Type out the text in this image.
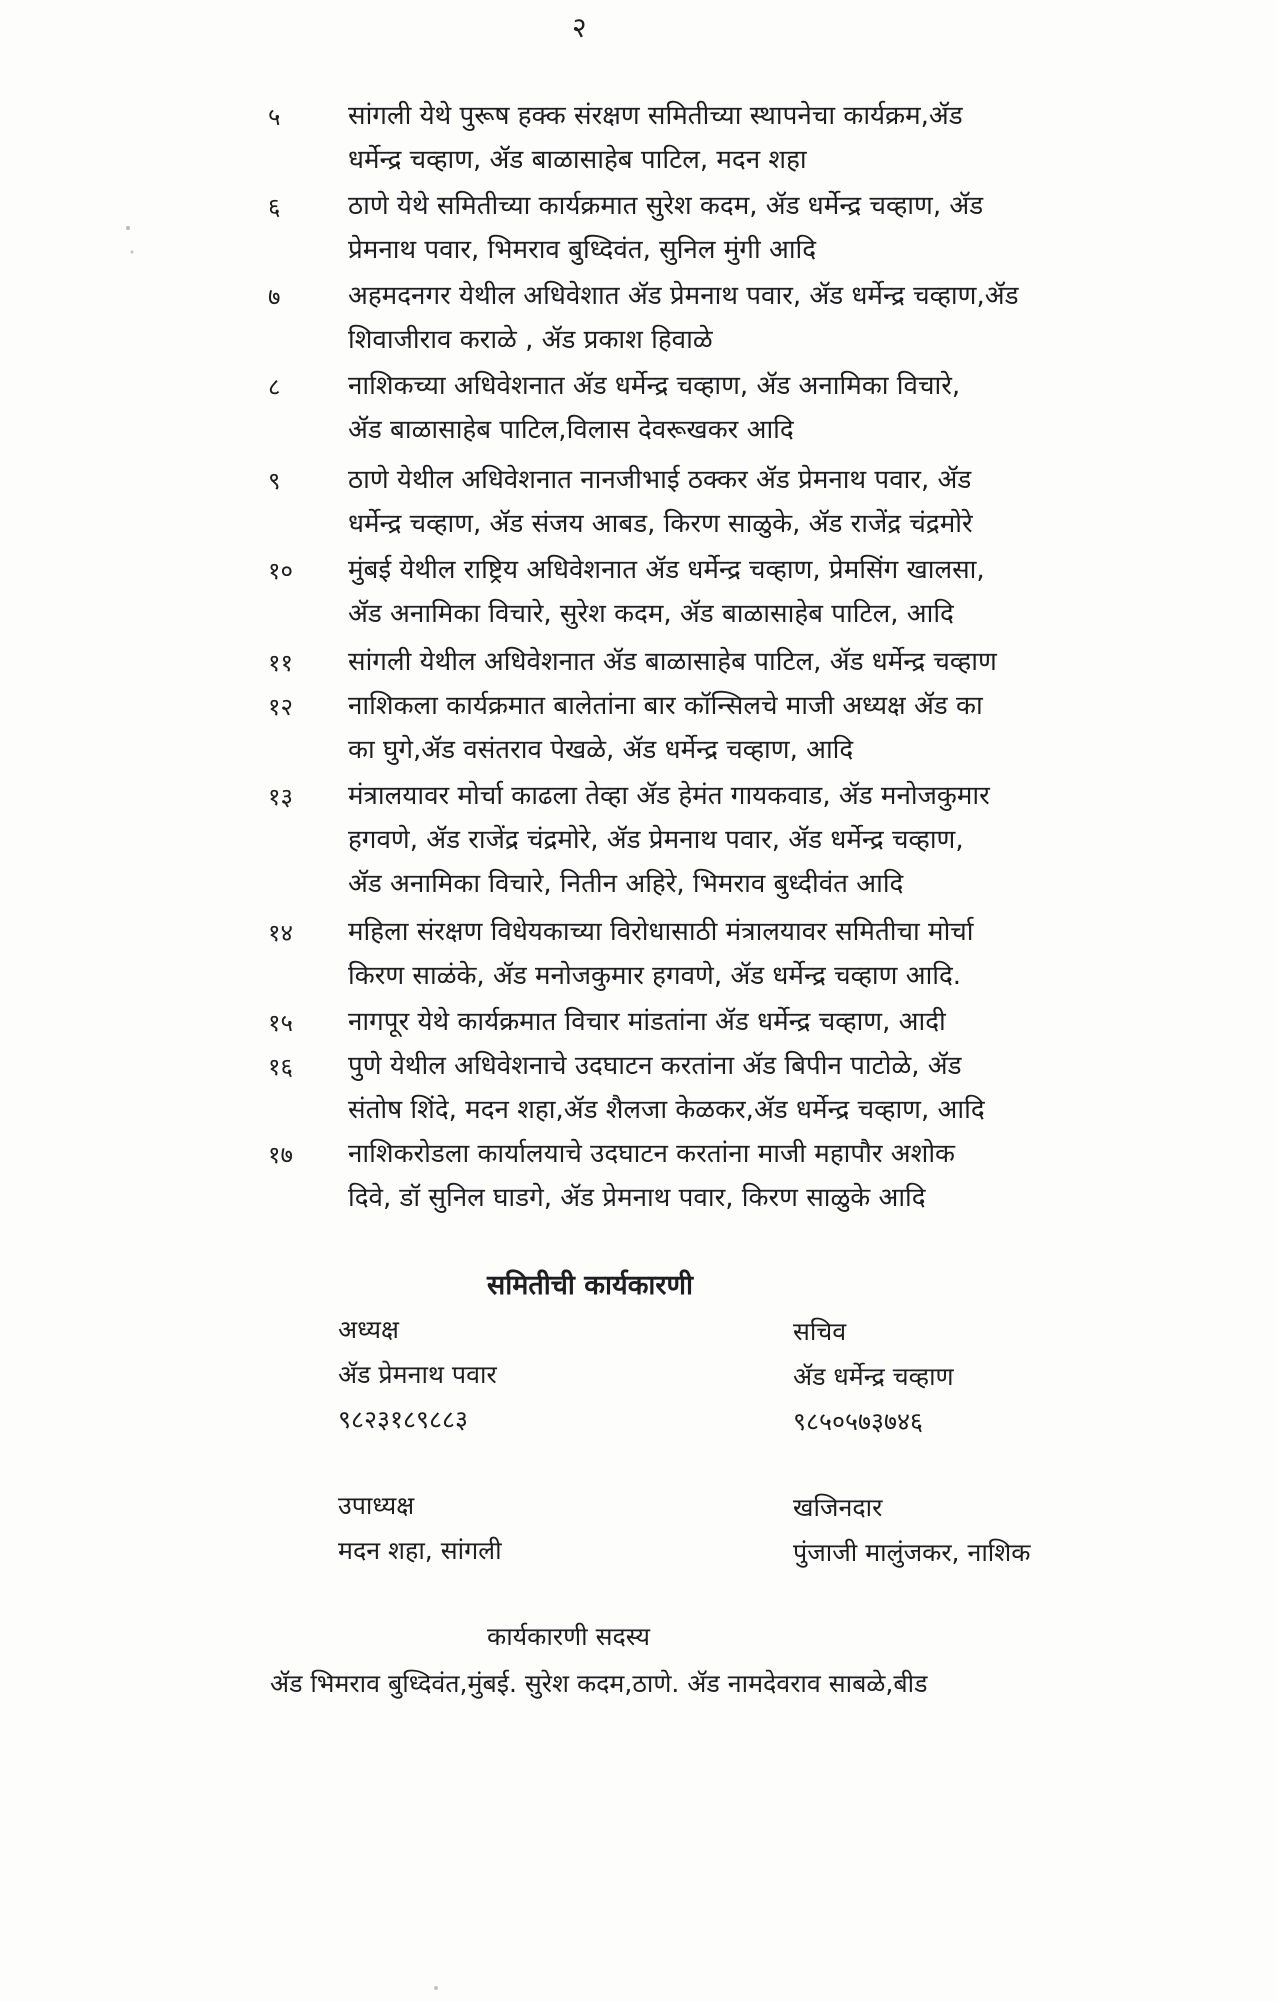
२
५	सांगली येथे पुरूष हक्क संरक्षण समितीच्या स्थापनेचा कार्यक्रम,ॲड
धर्मेन्द्र चव्हाण, ॲड बाळासाहेब पाटिल, मदन शहा
६	ठाणे येथे समितीच्या कार्यक्रमात सुरेश कदम, ॲड धर्मेन्द्र चव्हाण, ॲड
प्रेमनाथ पवार, भिमराव बुध्दिवंत, सुनिल मुंगी आदि
७	अहमदनगर येथील अधिवेशात ॲड प्रेमनाथ पवार, ॲड धर्मेन्द्र चव्हाण,ॲड
शिवाजीराव कराळे , ॲड प्रकाश हिवाळे
८	नाशिकच्या अधिवेशनात ॲड धर्मेन्द्र चव्हाण, ॲड अनामिका विचारे,
ॲड बाळासाहेब पाटिल,विलास देवरूखकर आदि
९	ठाणे येथील अधिवेशनात नानजीभाई ठक्कर ॲड प्रेमनाथ पवार, ॲड
धर्मेन्द्र चव्हाण, ॲड संजय आबड, किरण साळुके, ॲड राजेंद्र चंद्रमोरे
१० मुंबई येथील राष्ट्रिय अधिवेशनात ॲड धर्मेन्द्र चव्हाण, प्रेमसिंग खालसा,
ॲड अनामिका विचारे, सुरेश कदम, ॲड बाळासाहेब पाटिल, आदि
११ सांगली येथील अधिवेशनात ॲड बाळासाहेब पाटिल, ॲड धर्मेन्द्र चव्हाण
१२ नाशिकला कार्यक्रमात बालेतांना बार कॉन्सिलचे माजी अध्यक्ष ॲड का
का घुगे,ॲड वसंतराव पेखळे, ॲड धर्मेन्द्र चव्हाण, आदि
१३ मंत्रालयावर मोर्चा काढला तेव्हा ॲड हेमंत गायकवाड, ॲड मनोजकुमार
हगवणे, ॲड राजेंद्र चंद्रमोरे, ॲड प्रेमनाथ पवार, ॲड धर्मेन्द्र चव्हाण,
ॲड अनामिका विचारे, नितीन अहिरे, भिमराव बुध्दीवंत आदि
१४ महिला संरक्षण विधेयकाच्या विरोधासाठी मंत्रालयावर समितीचा मोर्चा
किरण साळंके, ॲड मनोजकुमार हगवणे, ॲड धर्मेन्द्र चव्हाण आदि.
१५ नागपूर येथे कार्यक्रमात विचार मांडतांना ॲड धर्मेन्द्र चव्हाण, आदी
१६ पुणे येथील अधिवेशनाचे उदघाटन करतांना ॲड बिपीन पाटोळे, ॲड
संतोष शिंदे, मदन शहा,ॲड शैलजा केळकर,ॲड धर्मेन्द्र चव्हाण, आदि
१७ नाशिकरोडला कार्यालयाचे उदघाटन करतांना माजी महापौर अशोक
दिवे, डॉ सुनिल घाडगे, ॲड प्रेमनाथ पवार, किरण साळुके आदि
समितीची कार्यकारणी
अध्यक्ष
ॲड प्रेमनाथ पवार
९८२३१८९८८३
सचिव
ॲड धर्मेन्द्र चव्हाण
९८५०५७३७४६
उपाध्यक्ष
मदन शहा, सांगली
खजिनदार
पुंजाजी मालुंजकर, नाशिक
कार्यकारणी सदस्य
ॲड भिमराव बुध्दिवंत,मुंबई. सुरेश कदम,ठाणे. ॲड नामदेवराव साबळे,बीड
